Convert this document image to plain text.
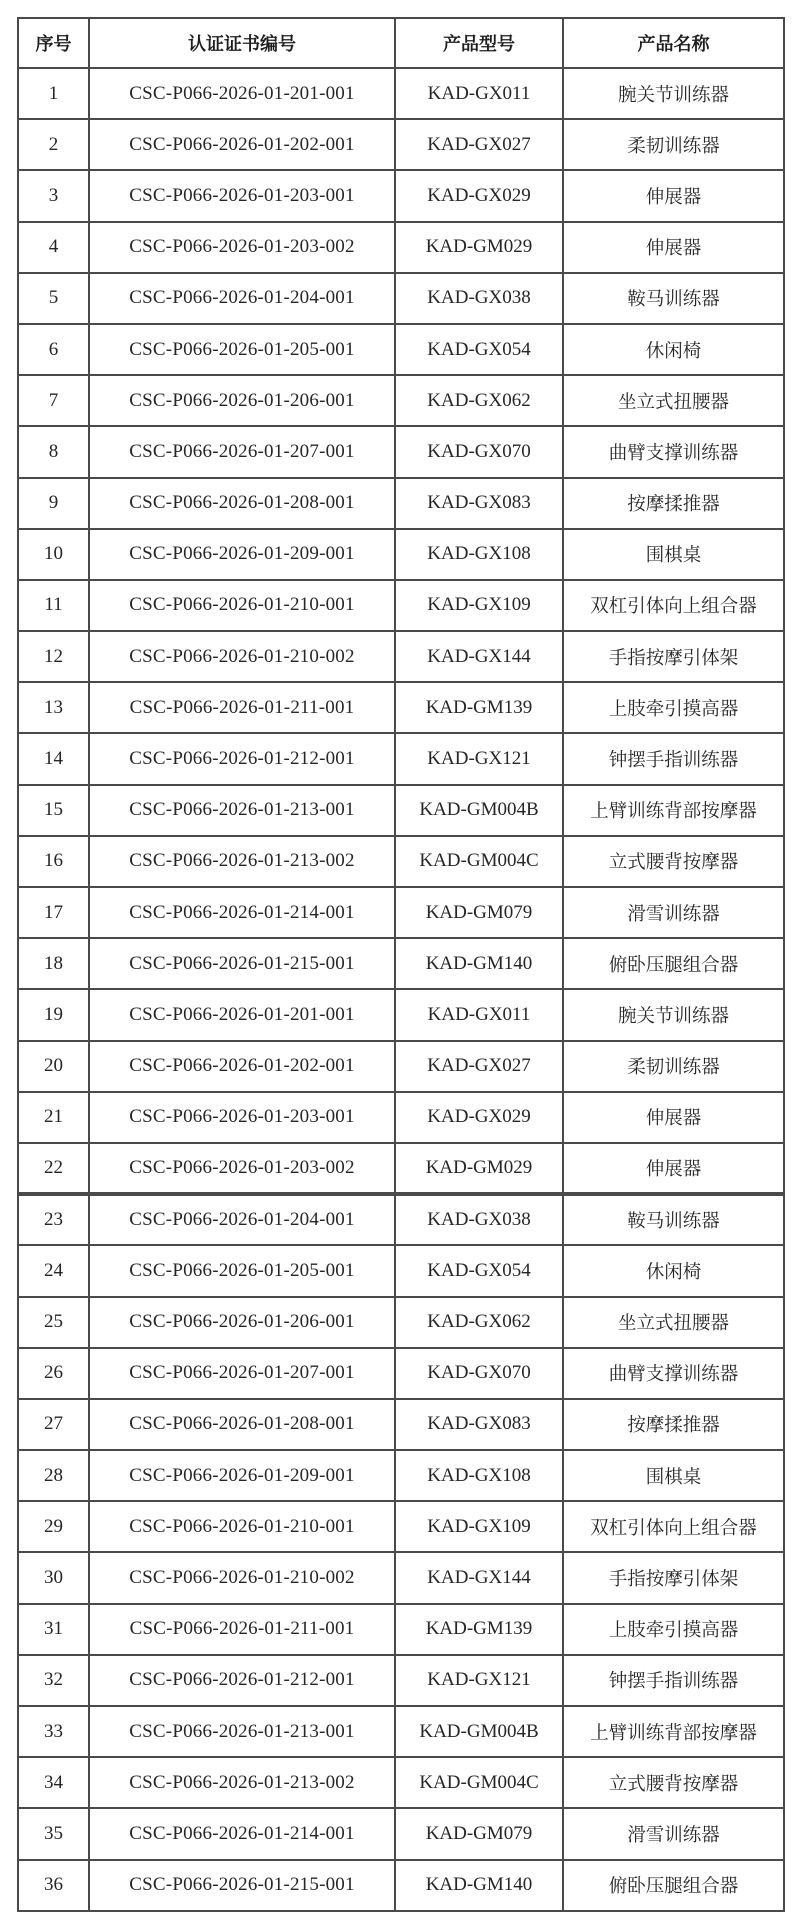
序号	认证证书编号	产品型号	产品名称
1	CSC-P066-2026-01-201-001	KAD-GX011	腕关节训练器
2	CSC-P066-2026-01-202-001	KAD-GX027	柔韧训练器
3	CSC-P066-2026-01-203-001	KAD-GX029	伸展器
4	CSC-P066-2026-01-203-002	KAD-GM029	伸展器
5	CSC-P066-2026-01-204-001	KAD-GX038	鞍马训练器
6	CSC-P066-2026-01-205-001	KAD-GX054	休闲椅
7	CSC-P066-2026-01-206-001	KAD-GX062	坐立式扭腰器
8	CSC-P066-2026-01-207-001	KAD-GX070	曲臂支撑训练器
9	CSC-P066-2026-01-208-001	KAD-GX083	按摩揉推器
10	CSC-P066-2026-01-209-001	KAD-GX108	围棋桌
11	CSC-P066-2026-01-210-001	KAD-GX109	双杠引体向上组合器
12	CSC-P066-2026-01-210-002	KAD-GX144	手指按摩引体架
13	CSC-P066-2026-01-211-001	KAD-GM139	上肢牵引摸高器
14	CSC-P066-2026-01-212-001	KAD-GX121	钟摆手指训练器
15	CSC-P066-2026-01-213-001	KAD-GM004B	上臂训练背部按摩器
16	CSC-P066-2026-01-213-002	KAD-GM004C	立式腰背按摩器
17	CSC-P066-2026-01-214-001	KAD-GM079	滑雪训练器
18	CSC-P066-2026-01-215-001	KAD-GM140	俯卧压腿组合器
19	CSC-P066-2026-01-201-001	KAD-GX011	腕关节训练器
20	CSC-P066-2026-01-202-001	KAD-GX027	柔韧训练器
21	CSC-P066-2026-01-203-001	KAD-GX029	伸展器
22	CSC-P066-2026-01-203-002	KAD-GM029	伸展器
23	CSC-P066-2026-01-204-001	KAD-GX038	鞍马训练器
24	CSC-P066-2026-01-205-001	KAD-GX054	休闲椅
25	CSC-P066-2026-01-206-001	KAD-GX062	坐立式扭腰器
26	CSC-P066-2026-01-207-001	KAD-GX070	曲臂支撑训练器
27	CSC-P066-2026-01-208-001	KAD-GX083	按摩揉推器
28	CSC-P066-2026-01-209-001	KAD-GX108	围棋桌
29	CSC-P066-2026-01-210-001	KAD-GX109	双杠引体向上组合器
30	CSC-P066-2026-01-210-002	KAD-GX144	手指按摩引体架
31	CSC-P066-2026-01-211-001	KAD-GM139	上肢牵引摸高器
32	CSC-P066-2026-01-212-001	KAD-GX121	钟摆手指训练器
33	CSC-P066-2026-01-213-001	KAD-GM004B	上臂训练背部按摩器
34	CSC-P066-2026-01-213-002	KAD-GM004C	立式腰背按摩器
35	CSC-P066-2026-01-214-001	KAD-GM079	滑雪训练器
36	CSC-P066-2026-01-215-001	KAD-GM140	俯卧压腿组合器
